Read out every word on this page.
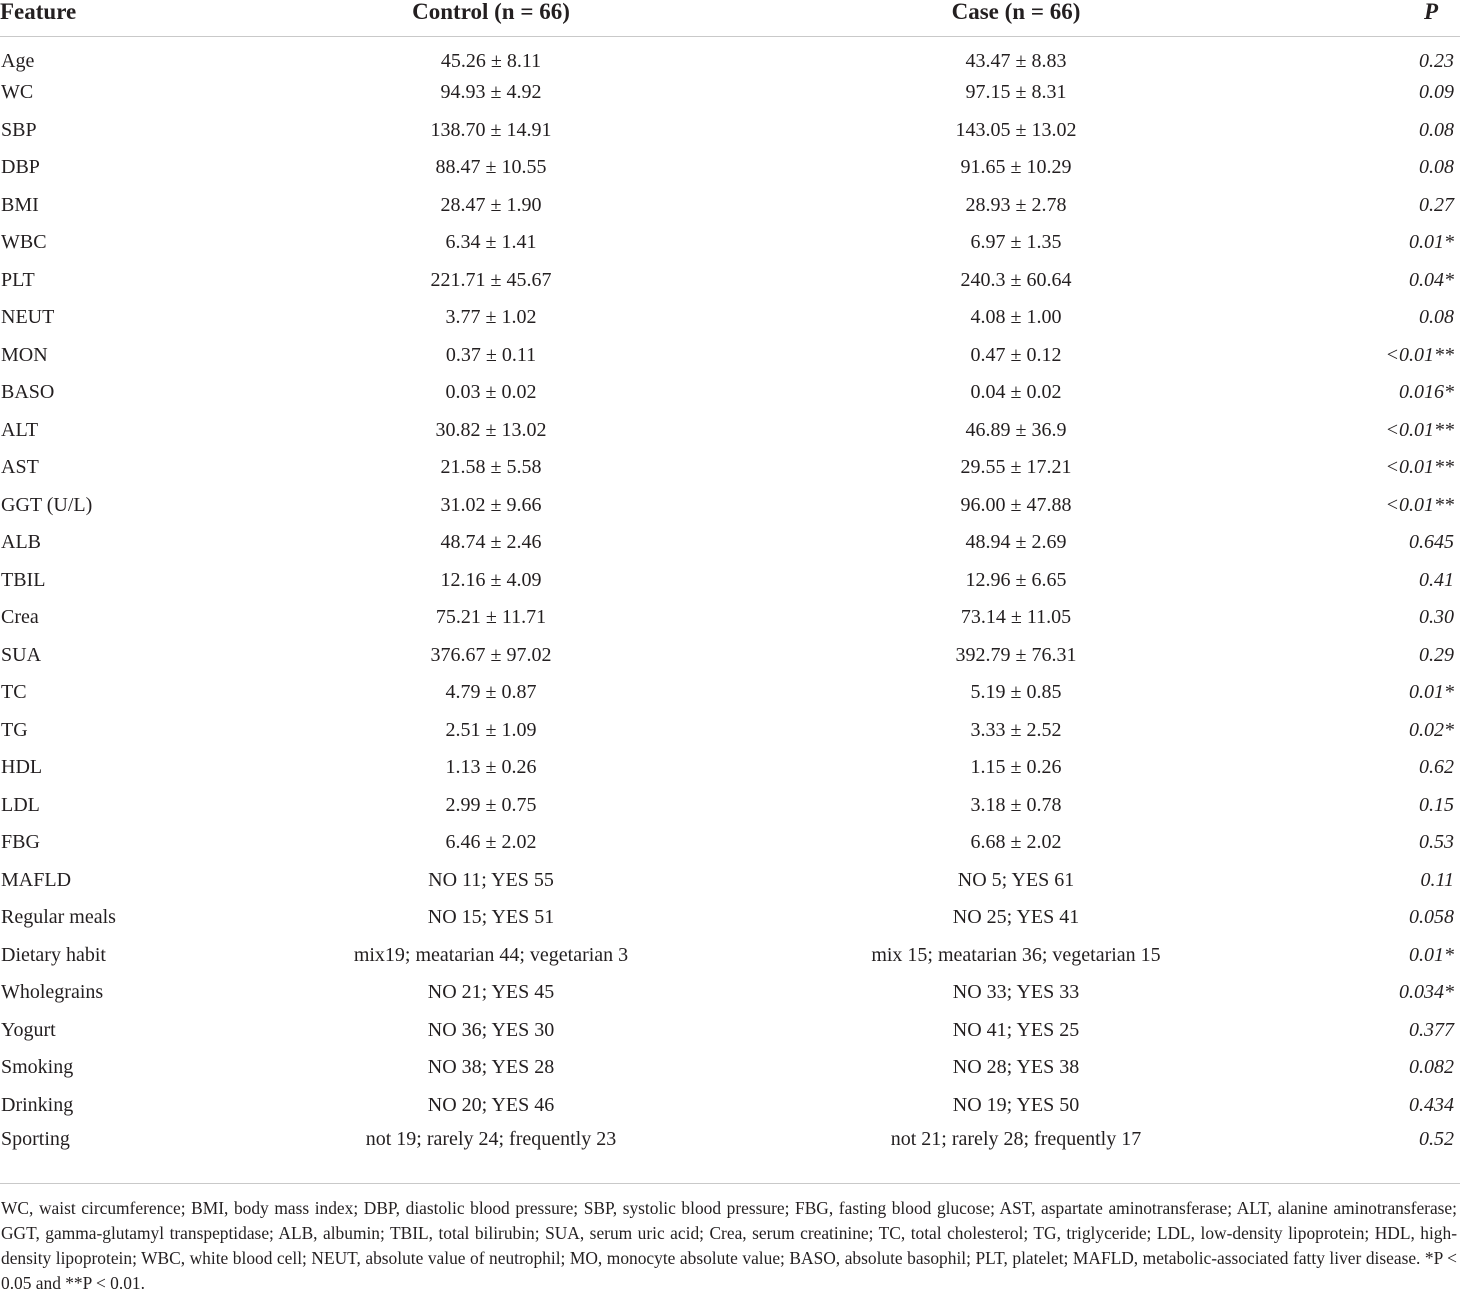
Feature	Control (n = 66)	Case (n = 66)	P
Age	45.26 ± 8.11	43.47 ± 8.83	0.23
WC	94.93 ± 4.92	97.15 ± 8.31	0.09
SBP	138.70 ± 14.91	143.05 ± 13.02	0.08
DBP	88.47 ± 10.55	91.65 ± 10.29	0.08
BMI	28.47 ± 1.90	28.93 ± 2.78	0.27
WBC	6.34 ± 1.41	6.97 ± 1.35	0.01*
PLT	221.71 ± 45.67	240.3 ± 60.64	0.04*
NEUT	3.77 ± 1.02	4.08 ± 1.00	0.08
MON	0.37 ± 0.11	0.47 ± 0.12	<0.01**
BASO	0.03 ± 0.02	0.04 ± 0.02	0.016*
ALT	30.82 ± 13.02	46.89 ± 36.9	<0.01**
AST	21.58 ± 5.58	29.55 ± 17.21	<0.01**
GGT (U/L)	31.02 ± 9.66	96.00 ± 47.88	<0.01**
ALB	48.74 ± 2.46	48.94 ± 2.69	0.645
TBIL	12.16 ± 4.09	12.96 ± 6.65	0.41
Crea	75.21 ± 11.71	73.14 ± 11.05	0.30
SUA	376.67 ± 97.02	392.79 ± 76.31	0.29
TC	4.79 ± 0.87	5.19 ± 0.85	0.01*
TG	2.51 ± 1.09	3.33 ± 2.52	0.02*
HDL	1.13 ± 0.26	1.15 ± 0.26	0.62
LDL	2.99 ± 0.75	3.18 ± 0.78	0.15
FBG	6.46 ± 2.02	6.68 ± 2.02	0.53
MAFLD	NO 11; YES 55	NO 5; YES 61	0.11
Regular meals	NO 15; YES 51	NO 25; YES 41	0.058
Dietary habit	mix19; meatarian 44; vegetarian 3	mix 15; meatarian 36; vegetarian 15	0.01*
Wholegrains	NO 21; YES 45	NO 33; YES 33	0.034*
Yogurt	NO 36; YES 30	NO 41; YES 25	0.377
Smoking	NO 38; YES 28	NO 28; YES 38	0.082
Drinking	NO 20; YES 46	NO 19; YES 50	0.434
Sporting	not 19; rarely 24; frequently 23	not 21; rarely 28; frequently 17	0.52

WC, waist circumference; BMI, body mass index; DBP, diastolic blood pressure; SBP, systolic blood pressure; FBG, fasting blood glucose; AST, aspartate aminotransferase; ALT, alanine aminotransferase; GGT, gamma-glutamyl transpeptidase; ALB, albumin; TBIL, total bilirubin; SUA, serum uric acid; Crea, serum creatinine; TC, total cholesterol; TG, triglyceride; LDL, low-density lipoprotein; HDL, high-density lipoprotein; WBC, white blood cell; NEUT, absolute value of neutrophil; MO, monocyte absolute value; BASO, absolute basophil; PLT, platelet; MAFLD, metabolic-associated fatty liver disease. *P < 0.05 and **P < 0.01.
